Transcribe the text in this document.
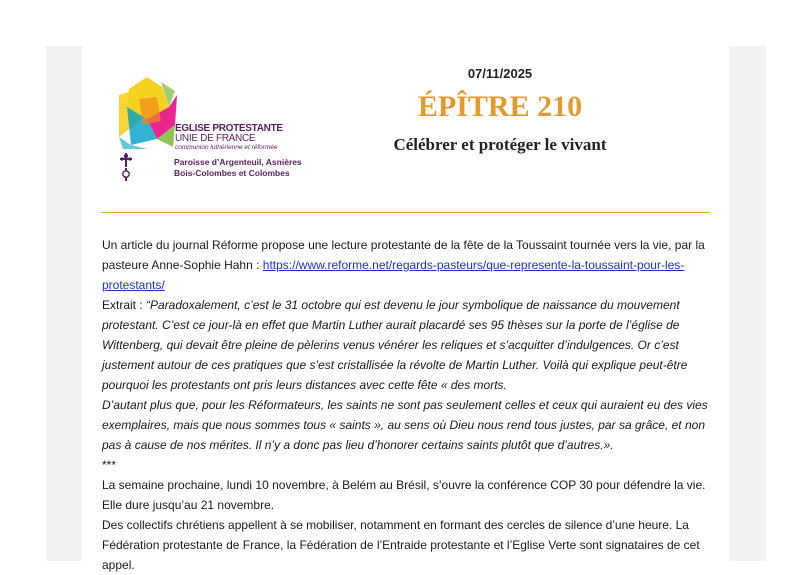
EGLISE PROTESTANTE
UNIE DE FRANCE
communion luthérienne et réformée
Paroisse d’Argenteuil, Asnières
Bois-Colombes et Colombes
07/11/2025
ÉPÎTRE 210
Célébrer et protéger le vivant

Un article du journal Réforme propose une lecture protestante de la fête de la Toussaint tournée vers la vie, par la pasteure Anne-Sophie Hahn : https://www.reforme.net/regards-pasteurs/que-represente-la-toussaint-pour-les-protestants/

Extrait : “Paradoxalement, c’est le 31 octobre qui est devenu le jour symbolique de naissance du mouvement protestant. C’est ce jour-là en effet que Martin Luther aurait placardé ses 95 thèses sur la porte de l’église de Wittenberg, qui devait être pleine de pèlerins venus vénérer les reliques et s’acquitter d’indulgences. Or c’est justement autour de ces pratiques que s’est cristallisée la révolte de Martin Luther. Voilà qui explique peut-être pourquoi les protestants ont pris leurs distances avec cette fête « des morts.

D’autant plus que, pour les Réformateurs, les saints ne sont pas seulement celles et ceux qui auraient eu des vies exemplaires, mais que nous sommes tous « saints », au sens où Dieu nous rend tous justes, par sa grâce, et non pas à cause de nos mérites. Il n’y a donc pas lieu d’honorer certains saints plutôt que d’autres.».

***

La semaine prochaine, lundi 10 novembre, à Belém au Brésil, s’ouvre la conférence COP 30 pour défendre la vie. Elle dure jusqu’au 21 novembre.

Des collectifs chrétiens appellent à se mobiliser, notamment en formant des cercles de silence d’une heure. La Fédération protestante de France, la Fédération de l’Entraide protestante et l’Eglise Verte sont signataires de cet appel.
